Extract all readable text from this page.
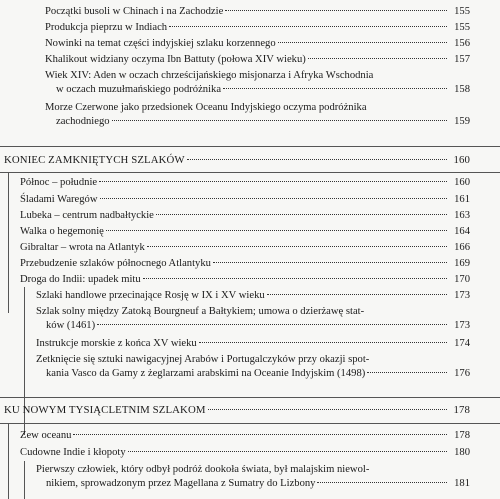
Początki busoli w Chinach i na Zachodzie	155
Produkcja pieprzu w Indiach	155
Nowinki na temat części indyjskiej szlaku korzennego	156
Khalikout widziany oczyma Ibn Battuty (połowa XIV wieku)	157
Wiek XIV: Aden w oczach chrześcijańskiego misjonarza i Afryka Wschodnia
w oczach muzułmańskiego podróżnika	158
Morze Czerwone jako przedsionek Oceanu Indyjskiego oczyma podróżnika
zachodniego	159
KONIEC ZAMKNIĘTYCH SZLAKÓW	160
Północ – południe	160
Śladami Waregów	161
Lubeka – centrum nadbałtyckie	163
Walka o hegemonię	164
Gibraltar – wrota na Atlantyk	166
Przebudzenie szlaków północnego Atlantyku	169
Droga do Indii: upadek mitu	170
Szlaki handlowe przecinające Rosję w IX i XV wieku	173
Szlak solny między Zatoką Bourgneuf a Bałtykiem; umowa o dzierżawę stat-
ków (1461)	173
Instrukcje morskie z końca XV wieku	174
Zetknięcie się sztuki nawigacyjnej Arabów i Portugalczyków przy okazji spot-
kania Vasco da Gamy z żeglarzami arabskimi na Oceanie Indyjskim (1498)	176
KU NOWYM TYSIĄCLETNIM SZLAKOM	178
Zew oceanu	178
Cudowne Indie i kłopoty	180
Pierwszy człowiek, który odbył podróż dookoła świata, był malajskim niewol-
nikiem, sprowadzonym przez Magellana z Sumatry do Lizbony	181
